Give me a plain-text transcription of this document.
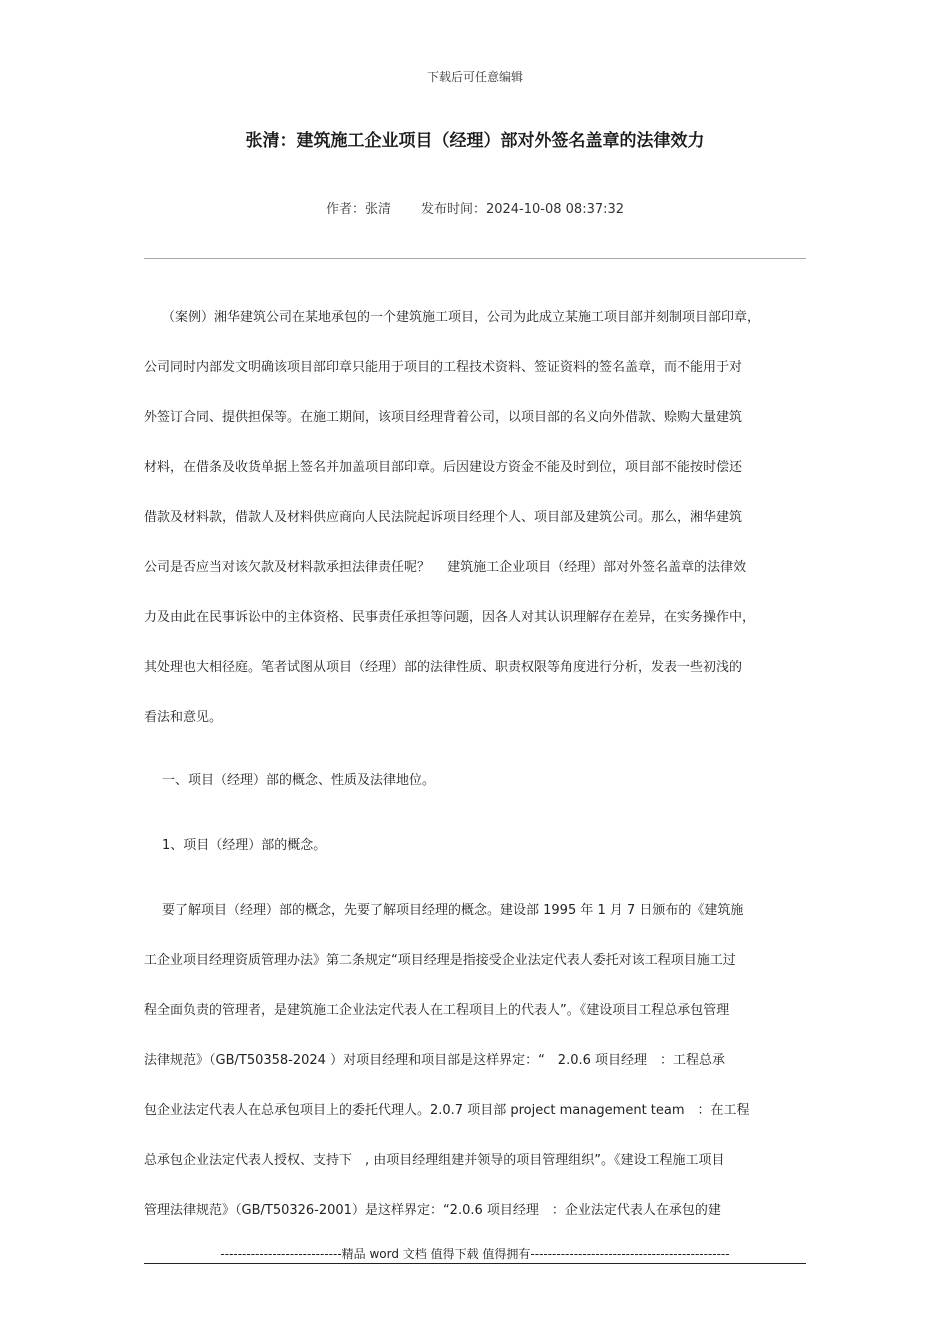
下载后可任意编辑
张清：建筑施工企业项目（经理）部对外签名盖章的法律效力
作者：张清 发布时间：2024-10-08 08:37:32
（案例）湘华建筑公司在某地承包的一个建筑施工项目，公司为此成立某施工项目部并刻制项目部印章，
公司同时内部发文明确该项目部印章只能用于项目的工程技术资料、签证资料的签名盖章，而不能用于对
外签订合同、提供担保等。在施工期间，该项目经理背着公司，以项目部的名义向外借款、赊购大量建筑
材料，在借条及收货单据上签名并加盖项目部印章。后因建设方资金不能及时到位，项目部不能按时偿还
借款及材料款，借款人及材料供应商向人民法院起诉项目经理个人、项目部及建筑公司。那么，湘华建筑
公司是否应当对该欠款及材料款承担法律责任呢？　 建筑施工企业项目（经理）部对外签名盖章的法律效
力及由此在民事诉讼中的主体资格、民事责任承担等问题，因各人对其认识理解存在差异，在实务操作中，
其处理也大相径庭。笔者试图从项目（经理）部的法律性质、职责权限等角度进行分析，发表一些初浅的
看法和意见。
一、项目（经理）部的概念、性质及法律地位。
1、项目（经理）部的概念。
要了解项目（经理）部的概念，先要了解项目经理的概念。建设部 1995 年 1 月 7 日颁布的《建筑施
工企业项目经理资质管理办法》第二条规定“项目经理是指接受企业法定代表人委托对该工程项目施工过
程全面负责的管理者，是建筑施工企业法定代表人在工程项目上的代表人”。《建设项目工程总承包管理
法律规范》（GB/T50358-2024 ）对项目经理和项目部是这样界定：“　2.0.6 项目经理　：工程总承
包企业法定代表人在总承包项目上的委托代理人。2.0.7 项目部 project management team　：在工程
总承包企业法定代表人授权、支持下　, 由项目经理组建并领导的项目管理组织”。《建设工程施工项目
管理法律规范》（GB/T50326-2001）是这样界定：“2.0.6 项目经理　：企业法定代表人在承包的建
----------------------------精品 word 文档 值得下载 值得拥有----------------------------------------------
